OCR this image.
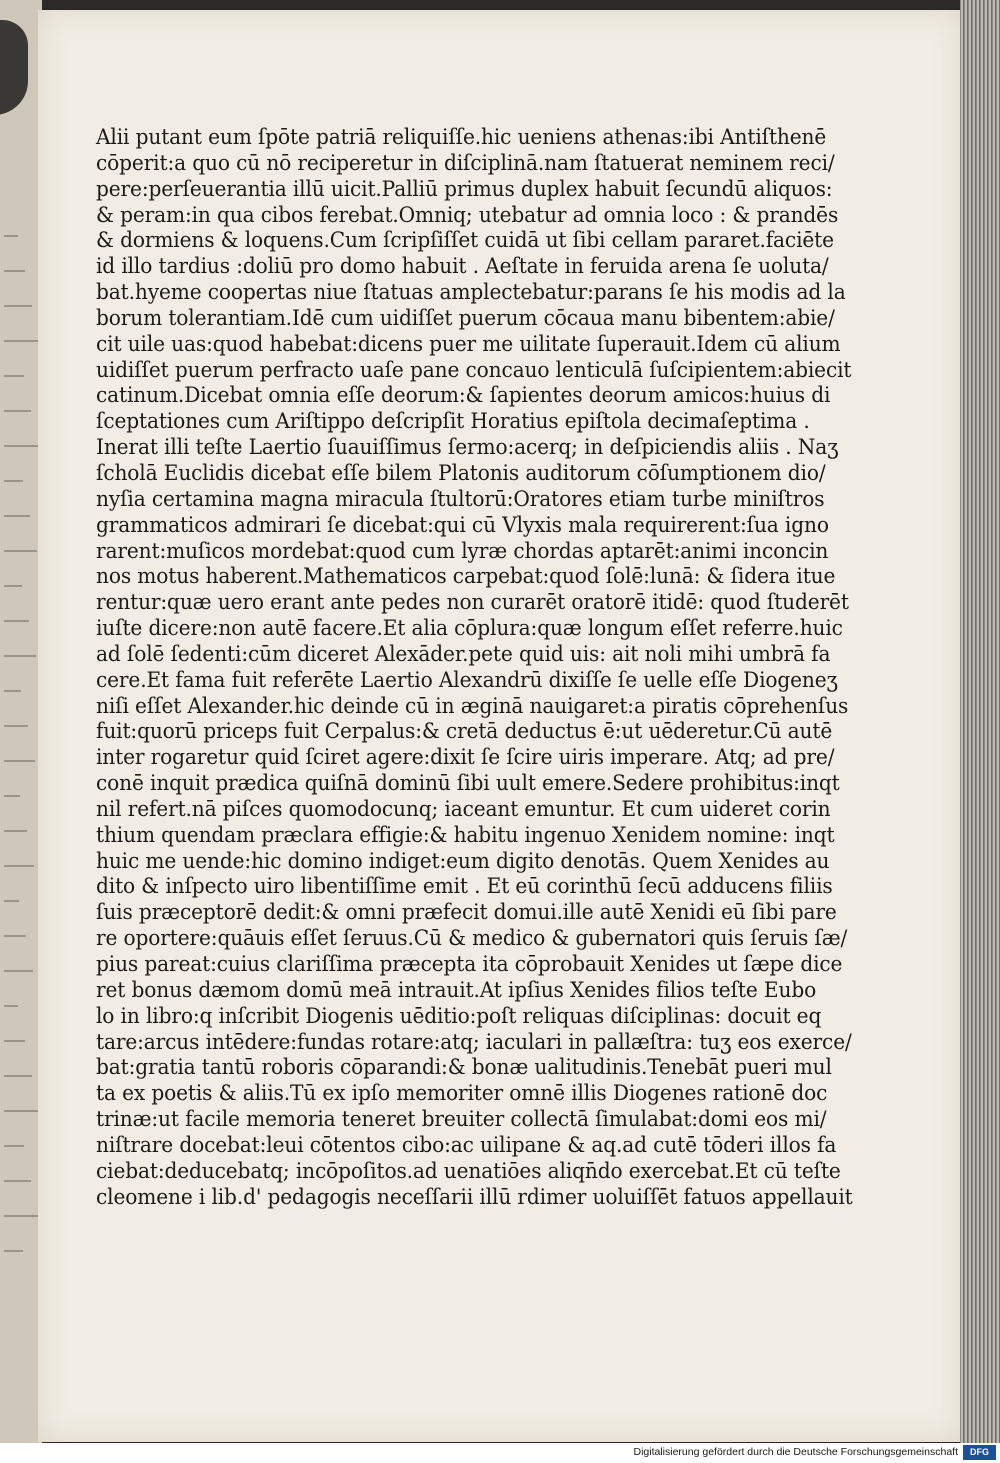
Alii putant eum ſpōte patriā reliquiſſe.hic ueniens athenas:ibi Antiſthenē
cōperit:a quo cū nō reciperetur in diſciplinā.nam ſtatuerat neminem reci/
pere:perſeuerantia illū uicit.Palliū primus duplex habuit ſecundū aliquos:
& peram:in qua cibos ferebat.Omniq; utebatur ad omnia loco : & prandēs
& dormiens & loquens.Cum ſcripſiſſet cuidā ut ſibi cellam pararet.faciēte
id illo tardius :doliū pro domo habuit . Aeſtate in feruida arena ſe uoluta/
bat.hyeme coopertas niue ſtatuas amplectebatur:parans ſe his modis ad la
borum tolerantiam.Idē cum uidiſſet puerum cōcaua manu bibentem:abie/
cit uile uas:quod habebat:dicens puer me uilitate ſuperauit.Idem cū alium
uidiſſet puerum perfracto uaſe pane concauo lenticulā ſuſcipientem:abiecit
catinum.Dicebat omnia eſſe deorum:& ſapientes deorum amicos:huius di
ſceptationes cum Ariſtippo deſcripſit Horatius epiſtola decimaſeptima .
Inerat illi teſte Laertio ſuauiſſimus ſermo:acerq; in deſpiciendis aliis . Naʒ
ſcholā Euclidis dicebat eſſe bilem Platonis auditorum cōſumptionem dio/
nyſia certamina magna miracula ſtultorū:Oratores etiam turbe miniſtros
grammaticos admirari ſe dicebat:qui cū Vlyxis mala requirerent:ſua igno
rarent:muſicos mordebat:quod cum lyræ chordas aptarēt:animi inconcin
nos motus haberent.Mathematicos carpebat:quod ſolē:lunā: & ſidera itue
rentur:quæ uero erant ante pedes non curarēt oratorē itidē: quod ſtuderēt
iuſte dicere:non autē facere.Et alia cōplura:quæ longum eſſet referre.huic
ad ſolē ſedenti:cūm diceret Alexāder.pete quid uis: ait noli mihi umbrā fa
cere.Et fama fuit referēte Laertio Alexandrū dixiſſe ſe uelle eſſe Diogeneʒ
niſi eſſet Alexander.hic deinde cū in æginā nauigaret:a piratis cōprehenſus
fuit:quorū priceps fuit Cerpalus:& cretā deductus ē:ut uēderetur.Cū autē
inter rogaretur quid ſciret agere:dixit ſe ſcire uiris imperare. Atq; ad pre/
conē inquit prædica quiſnā dominū ſibi uult emere.Sedere prohibitus:inqt
nil refert.nā piſces quomodocunq; iaceant emuntur. Et cum uideret corin
thium quendam præclara effigie:& habitu ingenuo Xenidem nomine: inqt
huic me uende:hic domino indiget:eum digito denotās. Quem Xenides au
dito & inſpecto uiro libentiſſime emit . Et eū corinthū ſecū adducens filiis
ſuis præceptorē dedit:& omni præfecit domui.ille autē Xenidi eū ſibi pare
re oportere:quāuis eſſet ſeruus.Cū & medico & gubernatori quis ſeruis ſæ/
pius pareat:cuius clariſſima præcepta ita cōprobauit Xenides ut ſæpe dice
ret bonus dæmom domū meā intrauit.At ipſius Xenides filios teſte Eubo
lo in libro:q inſcribit Diogenis uēditio:poſt reliquas diſciplinas: docuit eq
tare:arcus intēdere:fundas rotare:atq; iaculari in pallæſtra: tuʒ eos exerce/
bat:gratia tantū roboris cōparandi:& bonæ ualitudinis.Tenebāt pueri mul
ta ex poetis & aliis.Tū ex ipſo memoriter omnē illis Diogenes rationē doc
trinæ:ut facile memoria teneret breuiter collectā ſimulabat:domi eos mi/
niſtrare docebat:leui cōtentos cibo:ac uilipane & aq.ad cutē tōderi illos fa
ciebat:deducebatq; incōpoſitos.ad uenatiōes aliqn̄do exercebat.Et cū teſte
cleomene i lib.d' pedagogis neceſſarii illū rdimer uoluiſſēt fatuos appellauit
Digitalisierung gefördert durch die Deutsche Forschungsgemeinschaft	DFG
